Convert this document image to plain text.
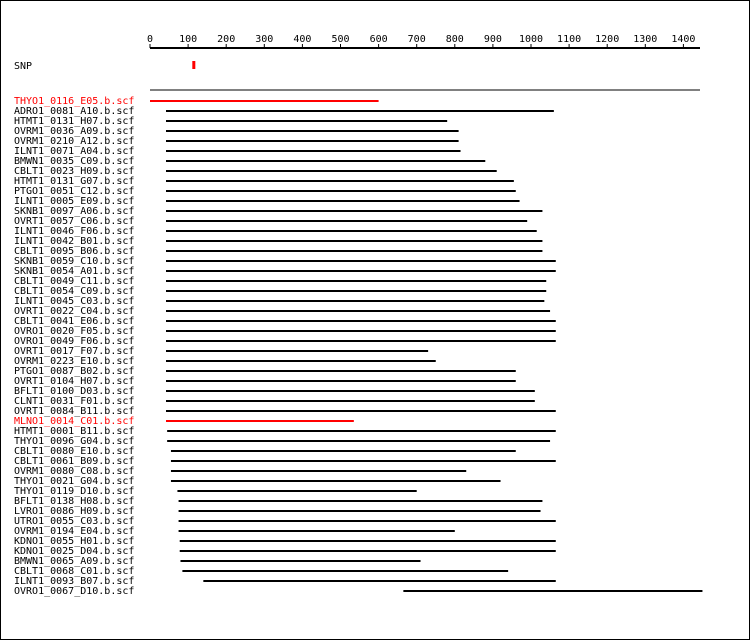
0	100 200 300 400 500 600 700 800 900 1000 1100 1200 1300 1400
SNP
THYO1_0116_E05.b.scf
ADRO1_0081_A10.b.scf
HTMT1_0131_H07.b.scf
OVRM1_0036_A09.b.scf
OVRM1_0210_A12.b.scf
ILNT1_0071_A04.b.scf
BMWN1_0035_C09.b.scf
CBLT1_0023_H09.b.scf
HTMT1_0131_G07.b.scf
PTGO1_0051_C12.b.scf
ILNT1_0005_E09.b.scf
SKNB1_0097_A06.b.scf
OVRT1_0057_C06.b.scf
ILNT1_0046_F06.b.scf
ILNT1_0042_B01.b.scf
CBLT1_0095_B06.b.scf
SKNB1_0059_C10.b.scf
SKNB1_0054_A01.b.scf
CBLT1_0049_C11.b.scf
CBLT1_0054_C09.b.scf
ILNT1_0045_C03.b.scf
OVRT1_0022_C04.b.scf
CBLT1_0041_E06.b.scf
OVRO1_0020_F05.b.scf
OVRO1_0049_F06.b.scf
OVRT1_0017_F07.b.scf
OVRM1_0223_E10.b.scf
PTGO1_0087_B02.b.scf
OVRT1_0104_H07.b.scf
BFLT1_0100_D03.b.scf
CLNT1_0031_F01.b.scf
OVRT1_0084_B11.b.scf
MLNO1_0014_C01.b.scf
HTMT1_0001_B11.b.scf
THYO1_0096_G04.b.scf
CBLT1_0080_E10.b.scf
CBLT1_0061_B09.b.scf
OVRM1_0080_C08.b.scf
THYO1_0021_G04.b.scf
THYO1_0119_D10.b.scf
BFLT1_0138_H08.b.scf
LVRO1_0086_H09.b.scf
UTRO1_0055_C03.b.scf
OVRM1_0194_E04.b.scf
KDNO1_0055_H01.b.scf
KDNO1_0025_D04.b.scf
BMWN1_0065_A09.b.scf
CBLT1_0068_C01.b.scf
ILNT1_0093_B07.b.scf
OVRO1_0067_D10.b.scf
